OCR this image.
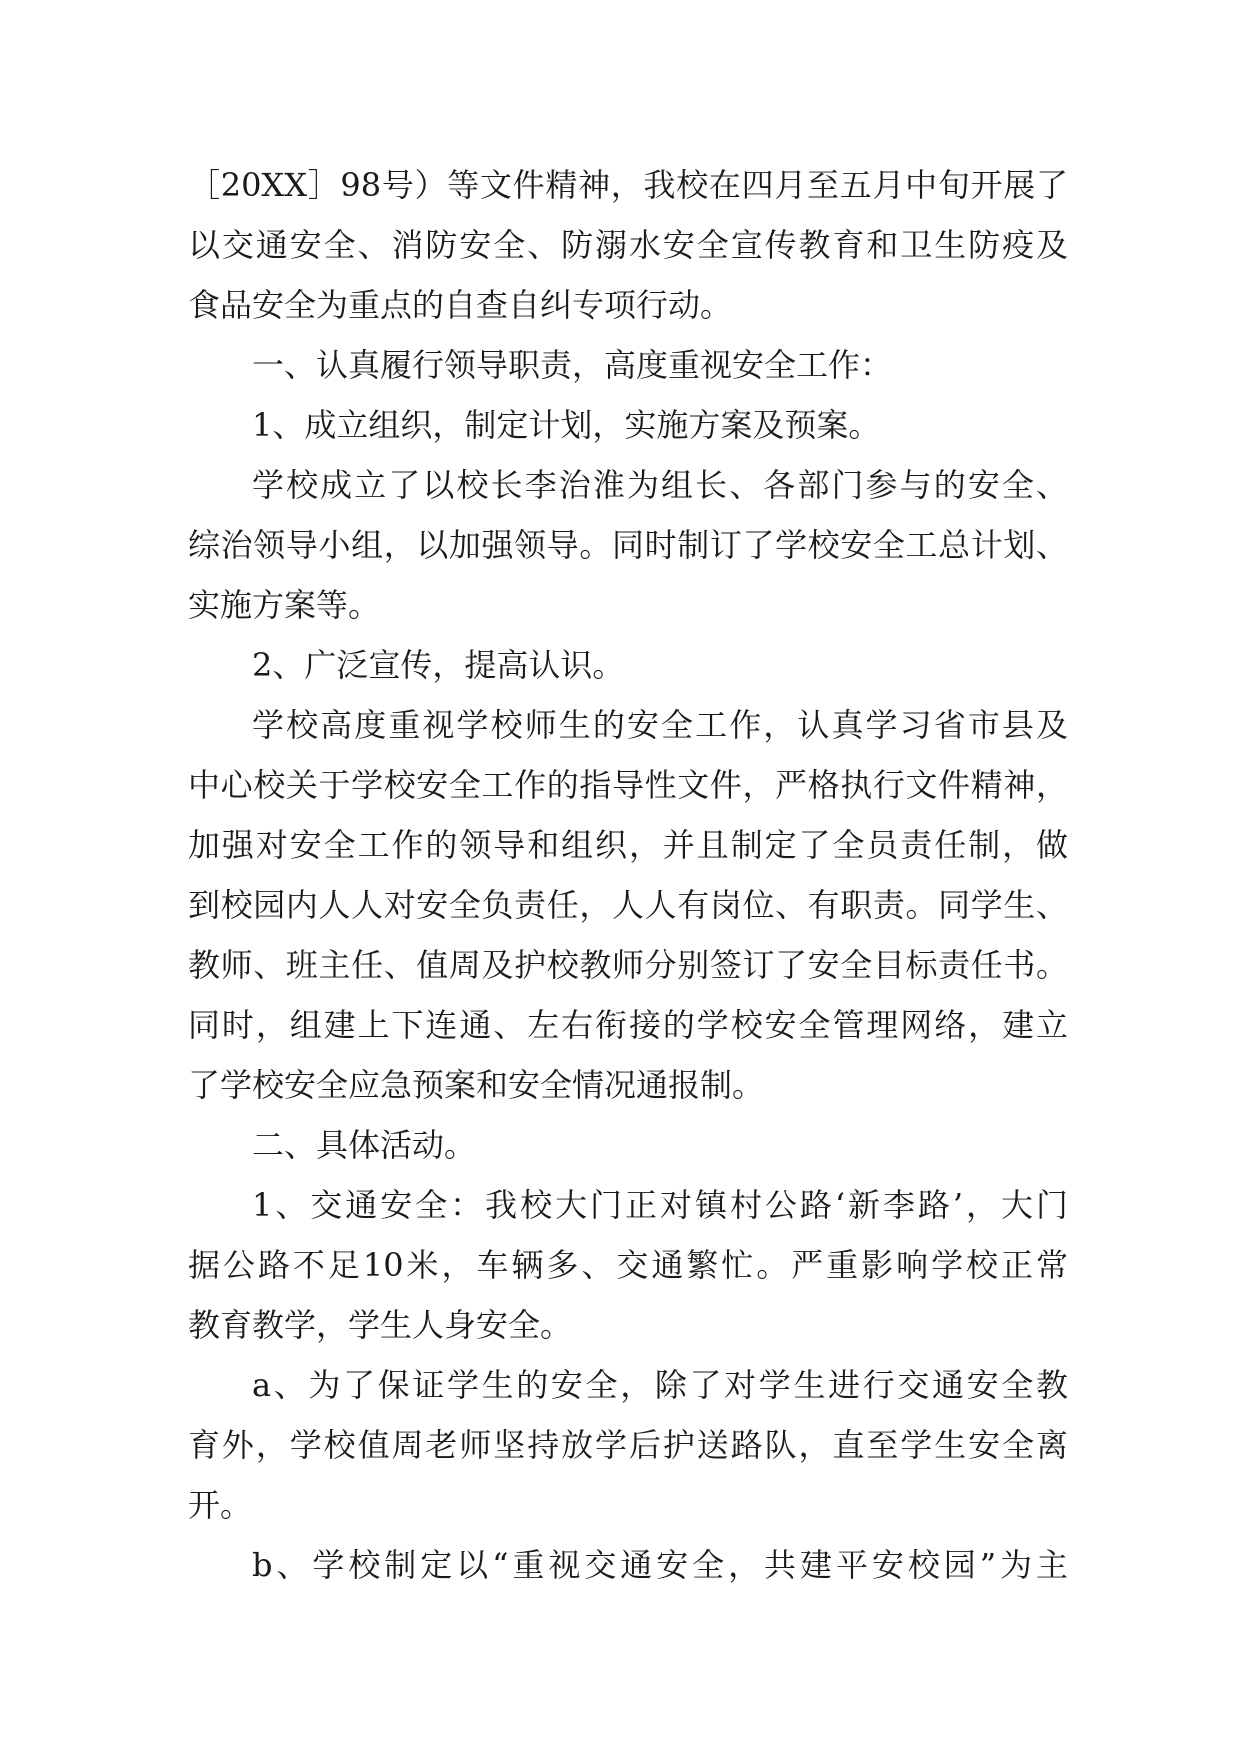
［20XX］98号）等文件精神，我校在四月至五月中旬开展了
以交通安全、消防安全、防溺水安全宣传教育和卫生防疫及
食品安全为重点的自查自纠专项行动。
一、认真履行领导职责，高度重视安全工作：
1、成立组织，制定计划，实施方案及预案。
学校成立了以校长李治淮为组长、各部门参与的安全、
综治领导小组，以加强领导。同时制订了学校安全工总计划、
实施方案等。
2、广泛宣传，提高认识。
学校高度重视学校师生的安全工作，认真学习省市县及
中心校关于学校安全工作的指导性文件，严格执行文件精神，
加强对安全工作的领导和组织，并且制定了全员责任制，做
到校园内人人对安全负责任，人人有岗位、有职责。同学生、
教师、班主任、值周及护校教师分别签订了安全目标责任书。
同时，组建上下连通、左右衔接的学校安全管理网络，建立
了学校安全应急预案和安全情况通报制。
二、具体活动。
1、交通安全：我校大门正对镇村公路‘新李路’，大门
据公路不足10米，车辆多、交通繁忙。严重影响学校正常
教育教学，学生人身安全。
a、为了保证学生的安全，除了对学生进行交通安全教
育外，学校值周老师坚持放学后护送路队，直至学生安全离
开。
b、学校制定以“重视交通安全，共建平安校园”为主
